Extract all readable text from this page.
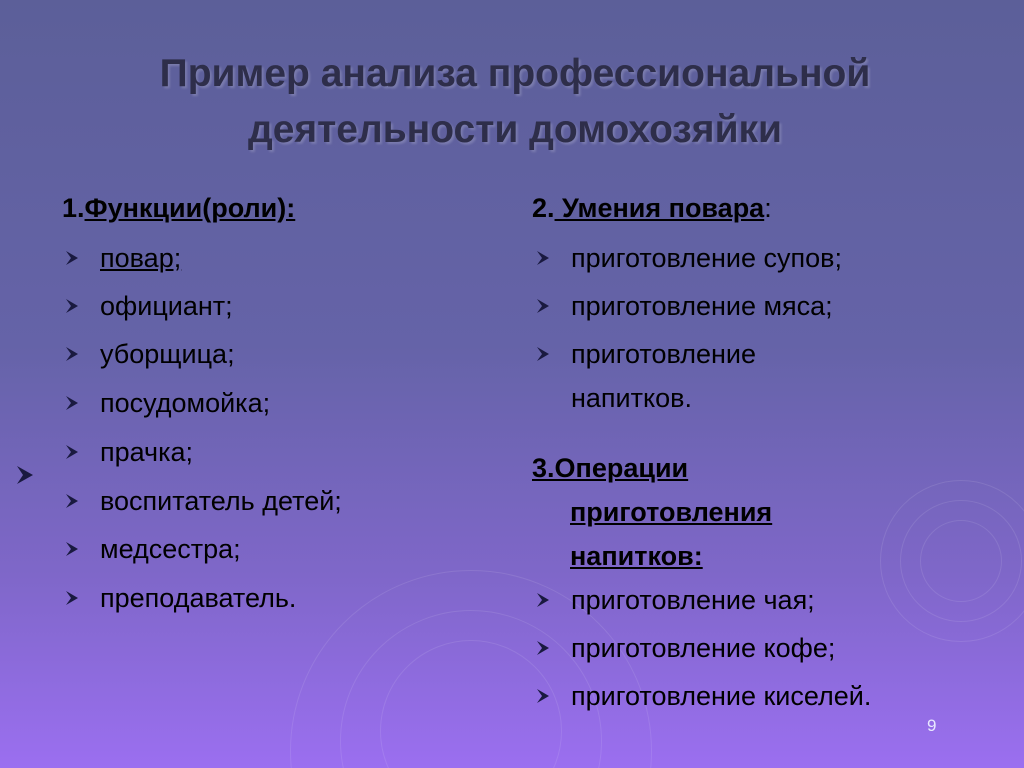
Пример анализа профессиональной деятельности домохозяйки
1.Функции(роли):
повар;
официант;
уборщица;
посудомойка;
прачка;
воспитатель детей;
медсестра;
преподаватель.
2. Умения повара:
приготовление супов;
приготовление мяса;
приготовление напитков.
3.Операции приготовления напитков:
приготовление чая;
приготовление кофе;
приготовление киселей.
9
